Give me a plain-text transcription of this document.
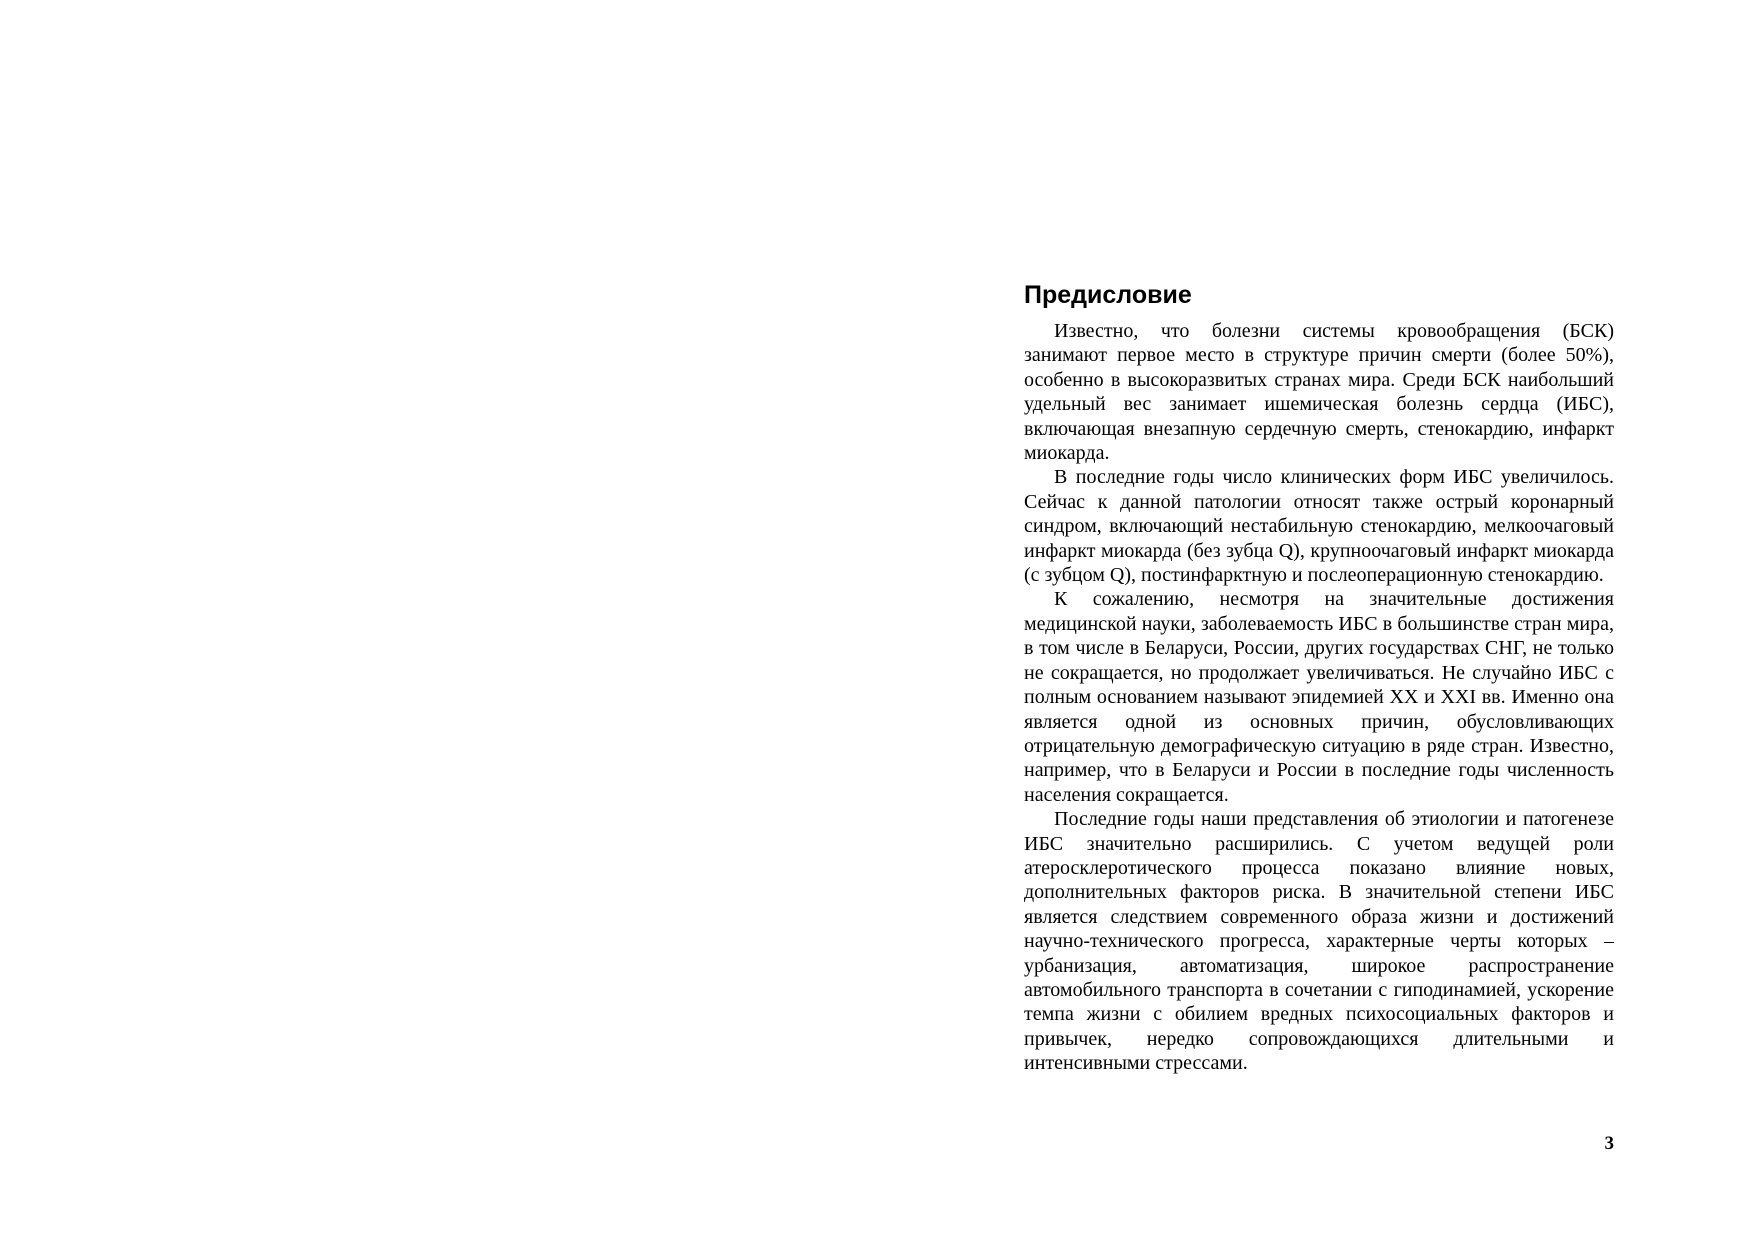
Предисловие

Известно, что болезни системы кровообращения (БСК) занимают первое место в структуре причин смерти (более 50%), особенно в высокоразвитых странах мира. Среди БСК наибольший удельный вес занимает ишемическая болезнь сердца (ИБС), включающая внезапную сердечную смерть, стенокардию, инфаркт миокарда.

В последние годы число клинических форм ИБС увеличилось. Сейчас к данной патологии относят также острый коронарный синдром, включающий нестабильную стенокардию, мелкоочаговый инфаркт миокарда (без зубца Q), крупноочаговый инфаркт миокарда (с зубцом Q), постинфарктную и послеоперационную стенокардию.

К сожалению, несмотря на значительные достижения медицинской науки, заболеваемость ИБС в большинстве стран мира, в том числе в Беларуси, России, других государствах СНГ, не только не сокращается, но продолжает увеличиваться. Не случайно ИБС с полным основанием называют эпидемией XX и XXI вв. Именно она является одной из основных причин, обусловливающих отрицательную демографическую ситуацию в ряде стран. Известно, например, что в Беларуси и России в последние годы численность населения сокращается.

Последние годы наши представления об этиологии и патогенезе ИБС значительно расширились. С учетом ведущей роли атеросклеротического процесса показано влияние новых, дополнительных факторов риска. В значительной степени ИБС является следствием современного образа жизни и достижений научно-технического прогресса, характерные черты которых – урбанизация, автоматизация, широкое распространение автомобильного транспорта в сочетании с гиподинамией, ускорение темпа жизни с обилием вредных психосоциальных факторов и привычек, нередко сопровождающихся длительными и интенсивными стрессами.

3
